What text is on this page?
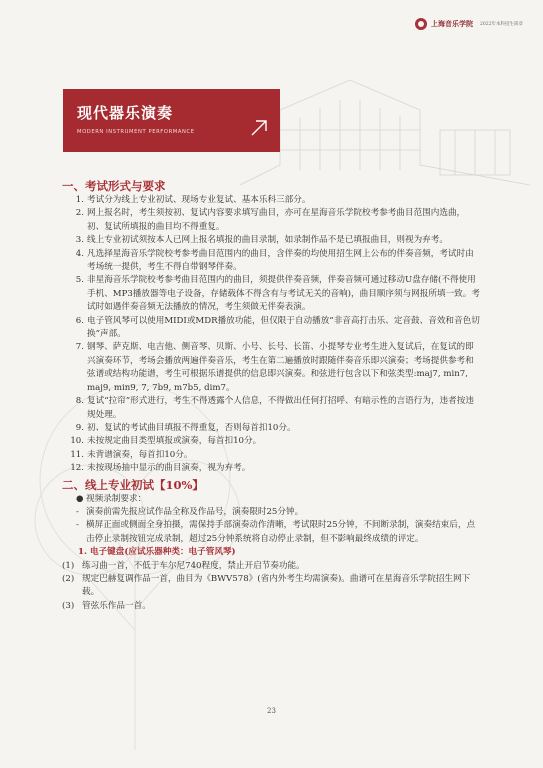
上海音乐学院 2022年本科招生简章
现代器乐演奏
MODERN INSTRUMENT PERFORMANCE
一、考试形式与要求
1. 考试分为线上专业初试、现场专业复试、基本乐科三部分。
2. 网上报名时，考生须按初、复试内容要求填写曲目，亦可在星海音乐学院校考参考曲目范围内选曲，初、复试所填报的曲目均不得重复。
3. 线上专业初试须按本人已网上报名填报的曲目录制，如录制作品不是已填报曲目，则视为弃考。
4. 凡选择星海音乐学院校考参考曲目范围内的曲目，含伴奏的均使用招生网上公布的伴奏音频，考试时由考场统一提供，考生不得自带钢琴伴奏。
5. 非星海音乐学院校考参考曲目范围内的曲目，须提供伴奏音频，伴奏音频可通过移动U盘存储(不得使用手机、MP3播放器等电子设备，存储载体不得含有与考试无关的音响)，曲目顺序须与网报所填一致。考试时如遇伴奏音频无法播放的情况，考生须做无伴奏表演。
6. 电子管风琴可以使用MIDI或MDR播放功能，但仅限于自动播放“非音高打击乐、定音鼓、音效和音色切换”声部。
7. 钢琴、萨克斯、电吉他、侧音琴、贝斯、小号、长号、长笛、小提琴专业考生进入复试后，在复试的即兴演奏环节，考场会播放两遍伴奏音乐，考生在第二遍播放时跟随伴奏音乐即兴演奏；考场提供参考和弦谱或结构功能谱，考生可根据乐谱提供的信息即兴演奏。和弦进行包含以下和弦类型:maj7, min7, maj9, min9, 7, 7b9, m7b5, dim7。
8. 复试“拉帘”形式进行，考生不得透露个人信息，不得做出任何打招呼、有暗示性的言语行为，违者按违规处理。
9. 初、复试的考试曲目填报不得重复，否则每首扣10分。
10. 未按规定曲目类型填报或演奏，每首扣10分。
11. 未背谱演奏，每首扣10分。
12. 未按现场抽中显示的曲目演奏，视为弃考。
二、线上专业初试【10%】
● 视频录制要求：
- 演奏前需先报应试作品全称及作品号，演奏限时25分钟。
- 横屏正面或侧面全身拍摄，需保持手部演奏动作清晰，考试限时25分钟，不间断录制，演奏结束后，点击停止录制按钮完成录制，超过25分钟系统将自动停止录制，但不影响最终成绩的评定。
1. 电子键盘(应试乐器种类：电子管风琴)
(1) 练习曲一首，不低于车尔尼740程度，禁止开启节奏功能。
(2) 规定巴赫复调作品一首，曲目为《BWV578》(省内外考生均需演奏)。曲谱可在星海音乐学院招生网下载。
(3) 管弦乐作品一首。
23
